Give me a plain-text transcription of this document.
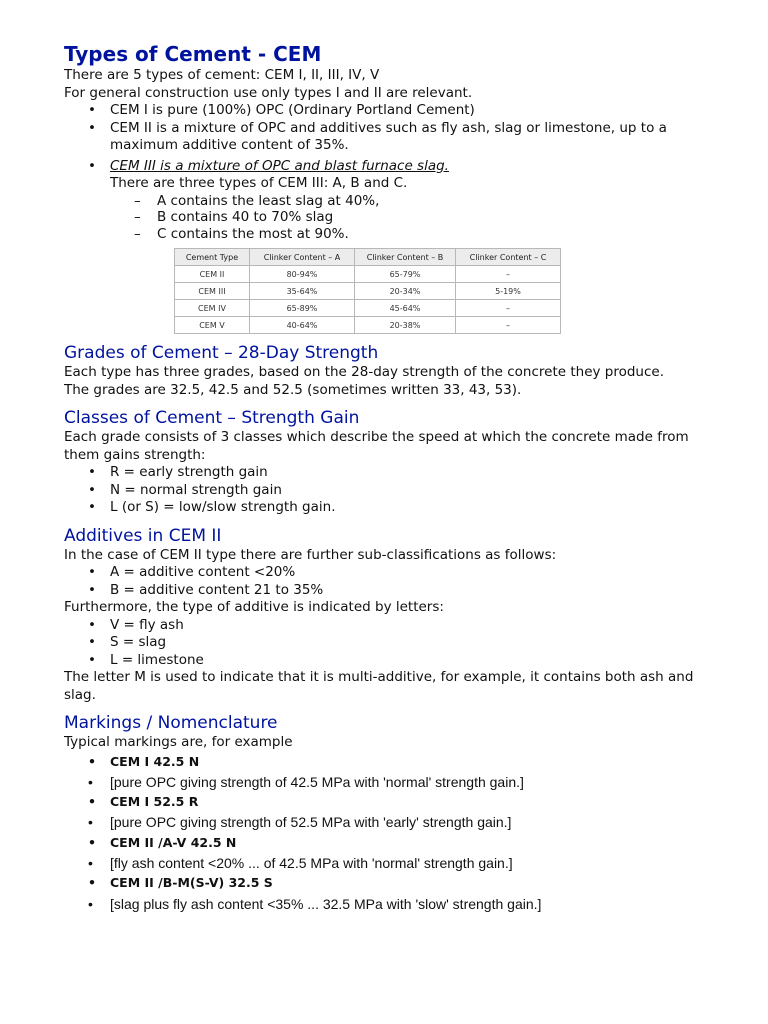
Types of Cement - CEM

There are 5 types of cement: CEM I, II, III, IV, V

For general construction use only types I and II are relevant.

• CEM I is pure (100%) OPC (Ordinary Portland Cement)
• CEM II is a mixture of OPC and additives such as fly ash, slag or limestone, up to a maximum additive content of 35%.
• CEM III is a mixture of OPC and blast furnace slag.
There are three types of CEM III: A, B and C.
– A contains the least slag at 40%,
– B contains 40 to 70% slag
– C contains the most at 90%.
Cement Type	Clinker Content – A	Clinker Content – B	Clinker Content – C
CEM II	80-94%	65-79%	–
CEM III	35-64%	20-34%	5-19%
CEM IV	65-89%	45-64%	–
CEM V	40-64%	20-38%	–
Grades of Cement – 28-Day Strength

Each type has three grades, based on the 28-day strength of the concrete they produce.

The grades are 32.5, 42.5 and 52.5 (sometimes written 33, 43, 53).

Classes of Cement – Strength Gain

Each grade consists of 3 classes which describe the speed at which the concrete made from them gains strength:

• R = early strength gain
• N = normal strength gain
• L (or S) = low/slow strength gain.
Additives in CEM II

In the case of CEM II type there are further sub-classifications as follows:

• A = additive content <20%
• B = additive content 21 to 35%

Furthermore, the type of additive is indicated by letters:

• V = fly ash
• S = slag
• L = limestone

The letter M is used to indicate that it is multi-additive, for example, it contains both ash and slag.

Markings / Nomenclature

Typical markings are, for example

• CEM I 42.5 N
• [pure OPC giving strength of 42.5 MPa with 'normal' strength gain.]
• CEM I 52.5 R
• [pure OPC giving strength of 52.5 MPa with 'early' strength gain.]
• CEM II /A-V 42.5 N
• [fly ash content <20% ... of 42.5 MPa with 'normal' strength gain.]
• CEM II /B-M(S-V) 32.5 S
• [slag plus fly ash content <35% ... 32.5 MPa with 'slow' strength gain.]
